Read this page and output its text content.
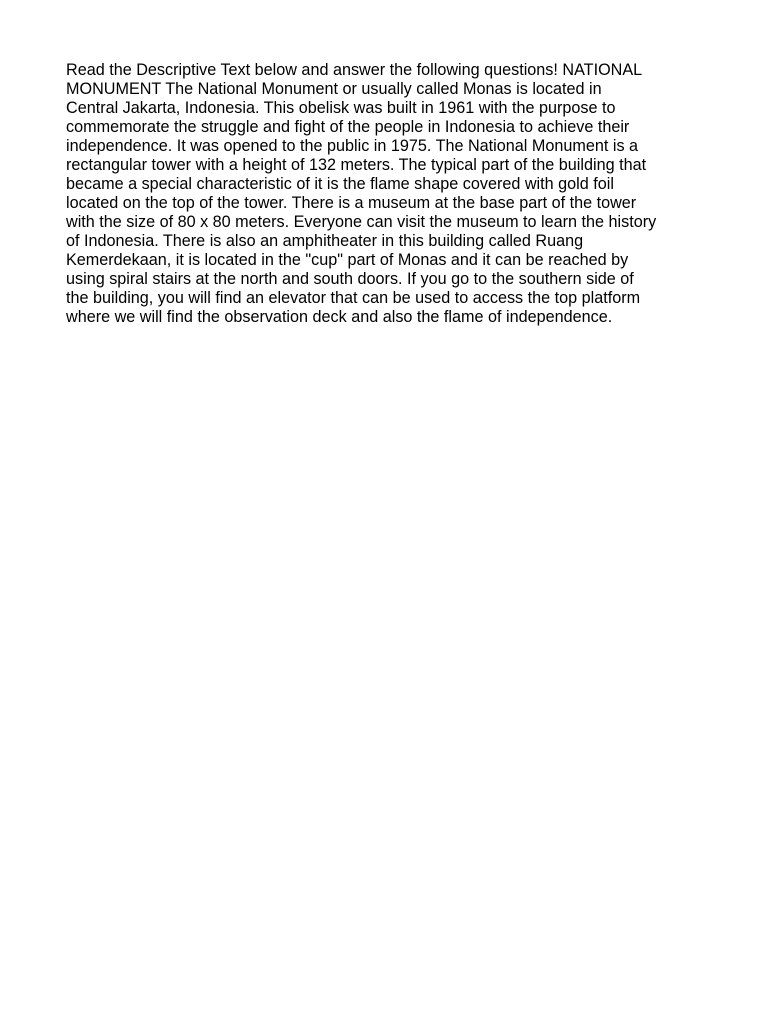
Read the Descriptive Text below and answer the following questions! NATIONAL
MONUMENT The National Monument or usually called Monas is located in
Central Jakarta, Indonesia. This obelisk was built in 1961 with the purpose to
commemorate the struggle and fight of the people in Indonesia to achieve their
independence. It was opened to the public in 1975. The National Monument is a
rectangular tower with a height of 132 meters. The typical part of the building that
became a special characteristic of it is the flame shape covered with gold foil
located on the top of the tower. There is a museum at the base part of the tower
with the size of 80 x 80 meters. Everyone can visit the museum to learn the history
of Indonesia. There is also an amphitheater in this building called Ruang
Kemerdekaan, it is located in the "cup" part of Monas and it can be reached by
using spiral stairs at the north and south doors. If you go to the southern side of
the building, you will find an elevator that can be used to access the top platform
where we will find the observation deck and also the flame of independence.
